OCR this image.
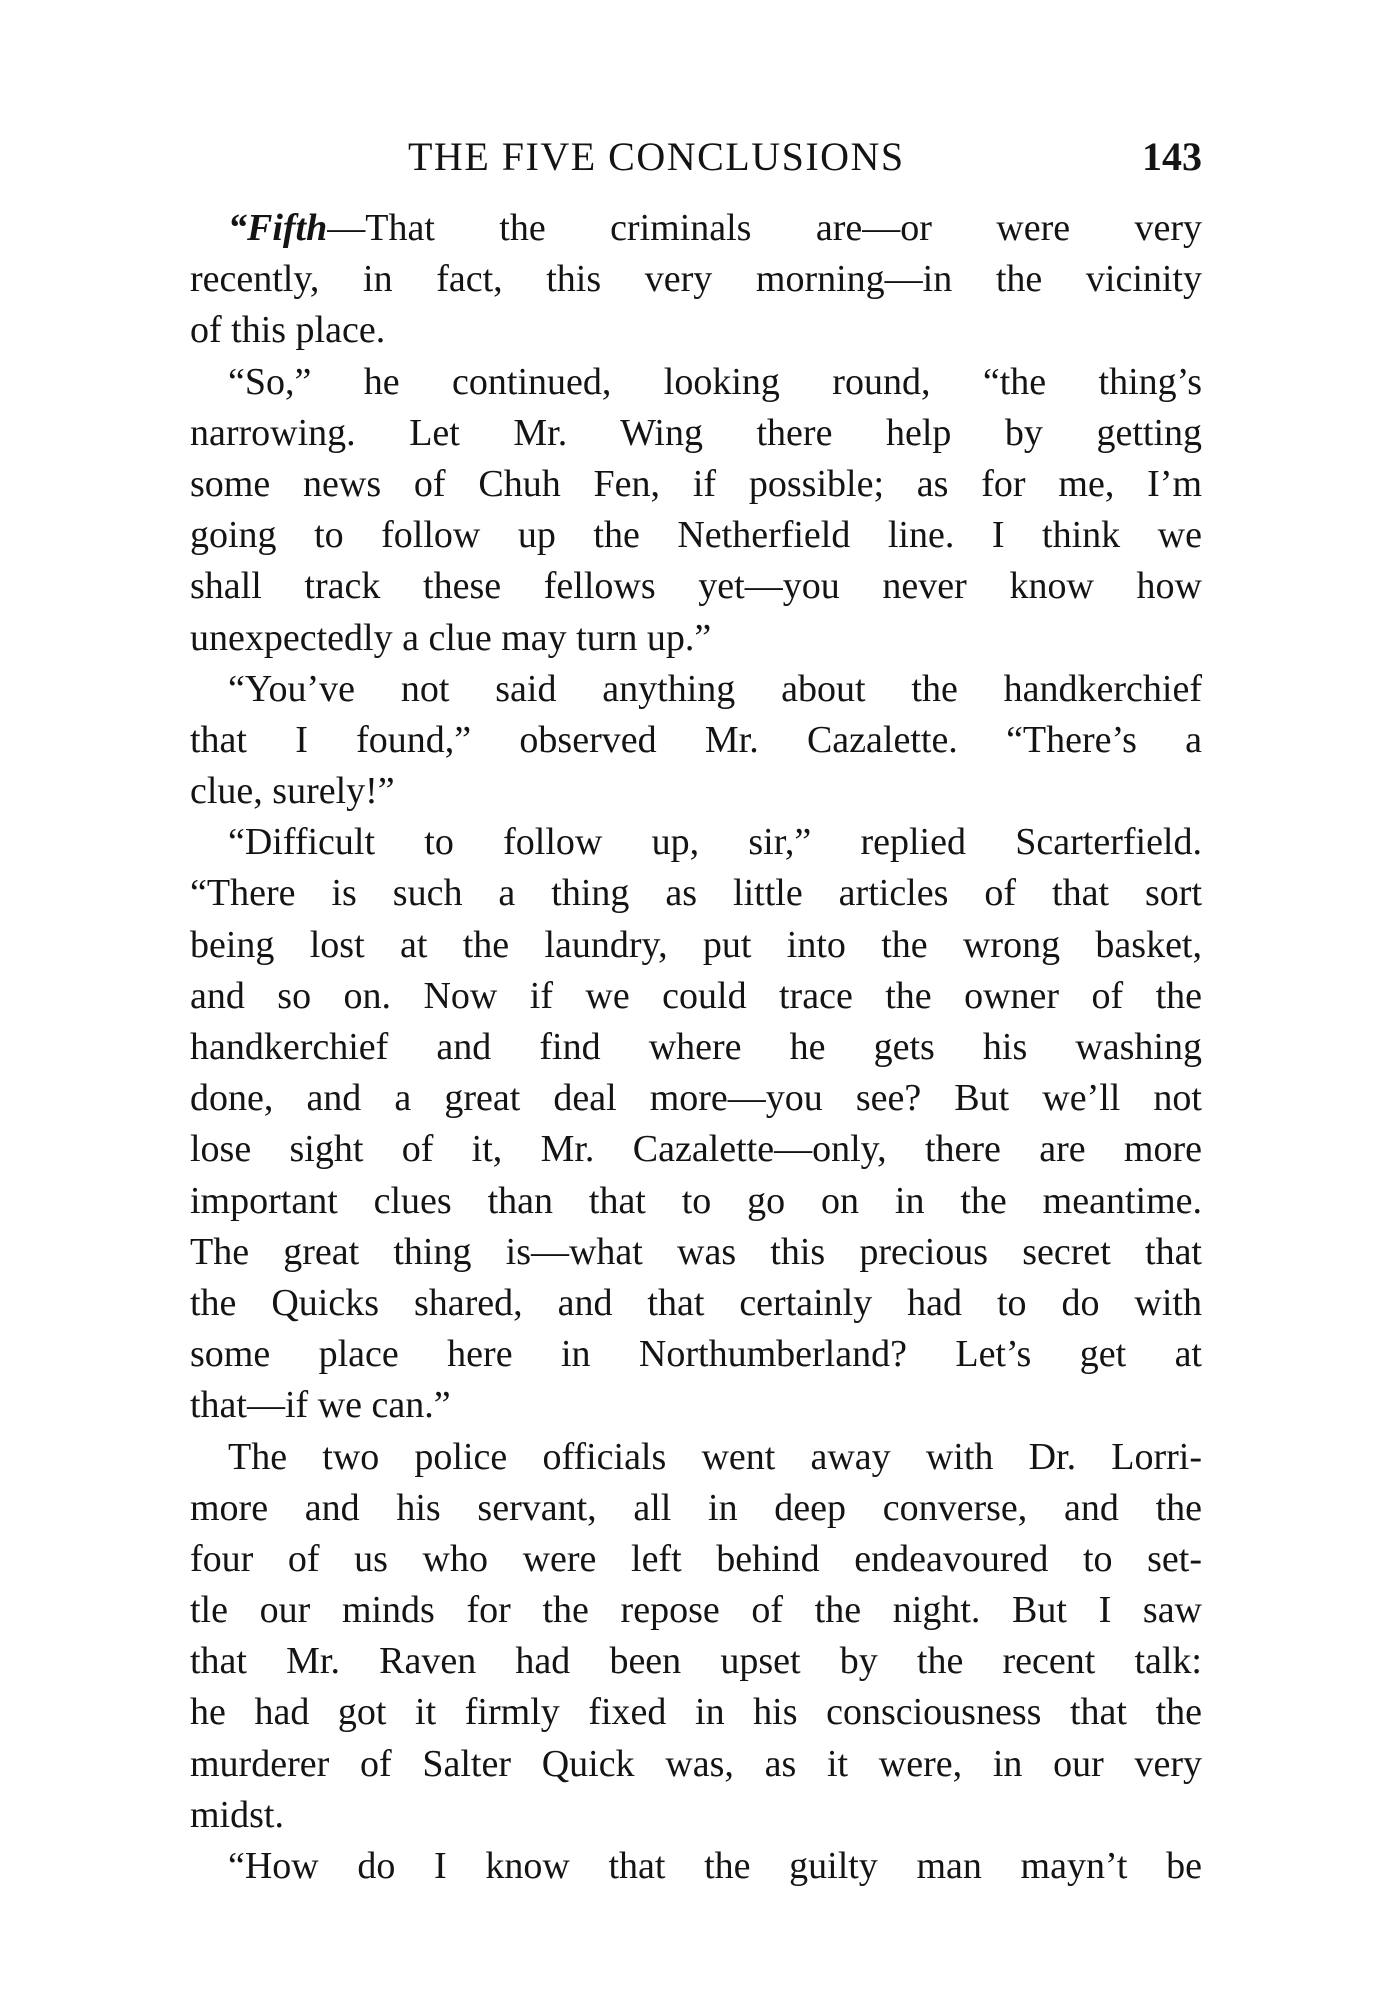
THE FIVE CONCLUSIONS	143
“Fifth—That the criminals are—or were very
recently, in fact, this very morning—in the vicinity
of this place.
“So,” he continued, looking round, “the thing’s
narrowing. Let Mr. Wing there help by getting
some news of Chuh Fen, if possible; as for me, I’m
going to follow up the Netherfield line. I think we
shall track these fellows yet—you never know how
unexpectedly a clue may turn up.”
“You’ve not said anything about the handkerchief
that I found,” observed Mr. Cazalette. “There’s a
clue, surely!”
“Difficult to follow up, sir,” replied Scarterfield.
“There is such a thing as little articles of that sort
being lost at the laundry, put into the wrong basket,
and so on. Now if we could trace the owner of the
handkerchief and find where he gets his washing
done, and a great deal more—you see? But we’ll not
lose sight of it, Mr. Cazalette—only, there are more
important clues than that to go on in the meantime.
The great thing is—what was this precious secret that
the Quicks shared, and that certainly had to do with
some place here in Northumberland? Let’s get at
that—if we can.”
The two police officials went away with Dr. Lorri-
more and his servant, all in deep converse, and the
four of us who were left behind endeavoured to set-
tle our minds for the repose of the night. But I saw
that Mr. Raven had been upset by the recent talk:
he had got it firmly fixed in his consciousness that the
murderer of Salter Quick was, as it were, in our very
midst.
“How do I know that the guilty man mayn’t be
